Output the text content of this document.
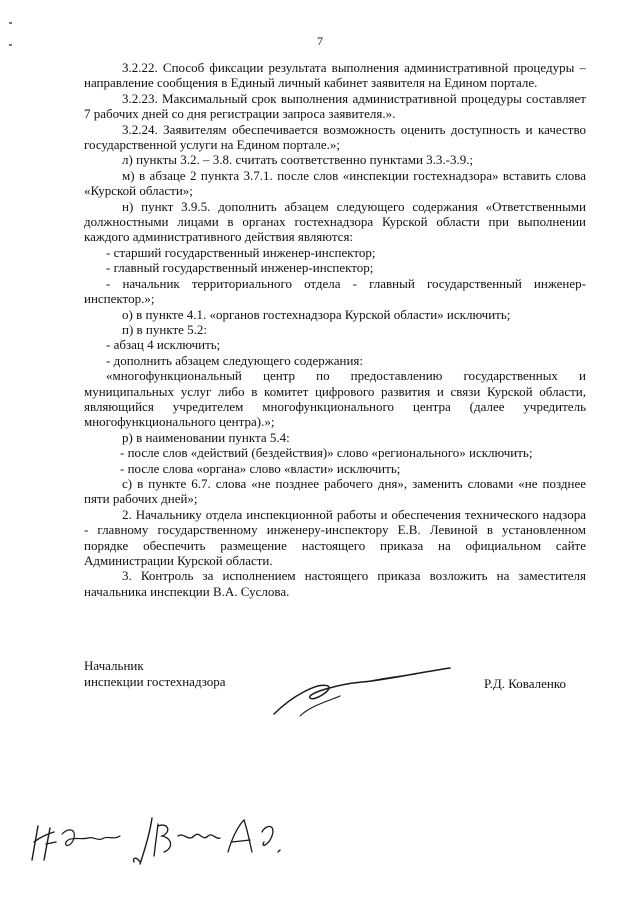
7

3.2.22. Способ фиксации результата выполнения административной процедуры – направление сообщения в Единый личный кабинет заявителя на Едином портале.

3.2.23. Максимальный срок выполнения административной процедуры составляет 7 рабочих дней со дня регистрации запроса заявителя.».

3.2.24. Заявителям обеспечивается возможность оценить доступность и качество государственной услуги на Едином портале.»;

л) пункты 3.2. – 3.8. считать соответственно пунктами 3.3.-3.9.;

м) в абзаце 2 пункта 3.7.1. после слов «инспекции гостехнадзора» вставить слова «Курской области»;

н) пункт 3.9.5. дополнить абзацем следующего содержания «Ответственными должностными лицами в органах гостехнадзора Курской области при выполнении каждого административного действия являются:

- старший государственный инженер-инспектор;

- главный государственный инженер-инспектор;

- начальник территориального отдела - главный государственный инженер-инспектор.»;

о) в пункте 4.1. «органов гостехнадзора Курской области» исключить;

п) в пункте 5.2:

- абзац 4 исключить;

- дополнить абзацем следующего содержания:

«многофункциональный центр по предоставлению государственных и муниципальных услуг либо в комитет цифрового развития и связи Курской области, являющийся учредителем многофункционального центра (далее учредитель многофункционального центра).»;

р) в наименовании пункта 5.4:

- после слов «действий (бездействия)» слово «регионального» исключить;

- после слова «органа» слово «власти» исключить;

с) в пункте 6.7. слова «не позднее рабочего дня», заменить словами «не позднее пяти рабочих дней»;

2. Начальнику отдела инспекционной работы и обеспечения технического надзора - главному государственному инженеру-инспектору Е.В. Левиной в установленном порядке обеспечить размещение настоящего приказа на официальном сайте Администрации Курской области.

3. Контроль за исполнением настоящего приказа возложить на заместителя начальника инспекции В.А. Суслова.

Начальник
инспекции гостехнадзора	Р.Д. Коваленко
